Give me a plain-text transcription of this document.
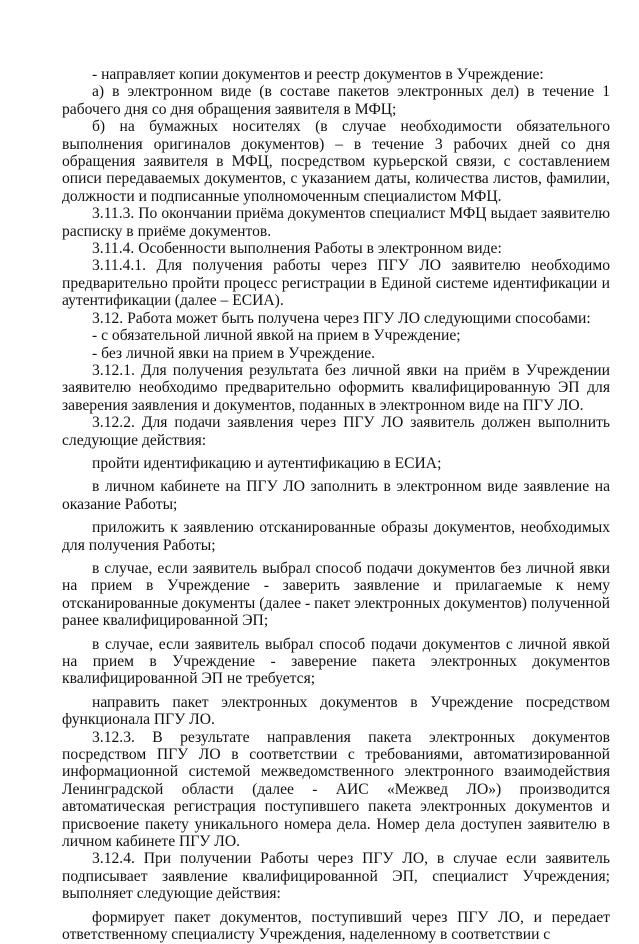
- направляет копии документов и реестр документов в Учреждение:

а) в электронном виде (в составе пакетов электронных дел) в течение 1 рабочего дня со дня обращения заявителя в МФЦ;

б) на бумажных носителях (в случае необходимости обязательного выполнения оригиналов документов) – в течение 3 рабочих дней со дня обращения заявителя в МФЦ, посредством курьерской связи, с составлением описи передаваемых документов, с указанием даты, количества листов, фамилии, должности и подписанные уполномоченным специалистом МФЦ.

3.11.3. По окончании приёма документов специалист МФЦ выдает заявителю расписку в приёме документов.

3.11.4. Особенности выполнения Работы в электронном виде:

3.11.4.1. Для получения работы через ПГУ ЛО заявителю необходимо предварительно пройти процесс регистрации в Единой системе идентификации и аутентификации (далее – ЕСИА).

3.12. Работа может быть получена через ПГУ ЛО следующими способами:

- с обязательной личной явкой на прием в Учреждение;

- без личной явки на прием в Учреждение.

3.12.1. Для получения результата без личной явки на приём в Учреждении заявителю необходимо предварительно оформить квалифицированную ЭП для заверения заявления и документов, поданных в электронном виде на ПГУ ЛО.

3.12.2. Для подачи заявления через ПГУ ЛО заявитель должен выполнить следующие действия:

пройти идентификацию и аутентификацию в ЕСИА;

в личном кабинете на ПГУ ЛО заполнить в электронном виде заявление на оказание Работы;

приложить к заявлению отсканированные образы документов, необходимых для получения Работы;

в случае, если заявитель выбрал способ подачи документов без личной явки на прием в Учреждение - заверить заявление и прилагаемые к нему отсканированные документы (далее - пакет электронных документов) полученной ранее квалифицированной ЭП;

в случае, если заявитель выбрал способ подачи документов с личной явкой на прием в Учреждение - заверение пакета электронных документов квалифицированной ЭП не требуется;

направить пакет электронных документов в Учреждение посредством функционала ПГУ ЛО.

3.12.3. В результате направления пакета электронных документов посредством ПГУ ЛО в соответствии с требованиями, автоматизированной информационной системой межведомственного электронного взаимодействия Ленинградской области (далее - АИС «Межвед ЛО») производится автоматическая регистрация поступившего пакета электронных документов и присвоение пакету уникального номера дела. Номер дела доступен заявителю в личном кабинете ПГУ ЛО.

3.12.4. При получении Работы через ПГУ ЛО, в случае если заявитель подписывает заявление квалифицированной ЭП, специалист Учреждения; выполняет следующие действия:

формирует пакет документов, поступивший через ПГУ ЛО, и передает ответственному специалисту Учреждения, наделенному в соответствии с
